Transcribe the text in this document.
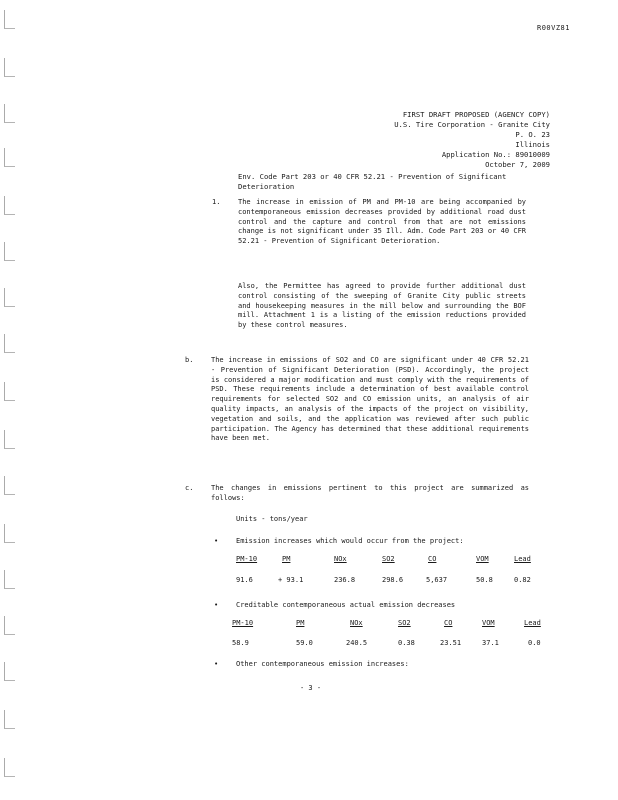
R00VZ81
FIRST DRAFT PROPOSED (AGENCY COPY)
U.S. Tire Corporation - Granite City
P. O. 23
Illinois
Application No.: 89010009
October 7, 2009
Env. Code Part 203 or 40 CFR 52.21 - Prevention of Significant Deterioration
1.	The increase in emission of PM and PM-10 are being accompanied by contemporaneous emission decreases provided by additional road dust control and the capture and control from that are not emissions change is not significant under 35 Ill. Adm. Code Part 203 or 40 CFR 52.21 - Prevention of Significant Deterioration.
Also, the Permittee has agreed to provide further additional dust control consisting of the sweeping of Granite City public streets and housekeeping measures in the mill below and surrounding the BOF mill. Attachment 1 is a listing of the emission reductions provided by these control measures.
b.	The increase in emissions of SO2 and CO are significant under 40 CFR 52.21 - Prevention of Significant Deterioration (PSD). Accordingly, the project is considered a major modification and must comply with the requirements of PSD. These requirements include a determination of best available control requirements for selected SO2 and CO emission units, an analysis of air quality impacts, an analysis of the impacts of the project on visibility, vegetation and soils, and the application was reviewed after such public participation. The Agency has determined that these additional requirements have been met.
c.	The changes in emissions pertinent to this project are summarized as follows:
Units - tons/year
•	Emission increases which would occur from the project:
PM-10	PM	NOx	SO2	CO	VOM	Lead
91.6	+ 93.1	236.8	298.6	5,637	50.8	0.82
•	Creditable contemporaneous actual emission decreases
PM-10	PM	NOx	SO2	CO	VOM	Lead
58.9	59.0	240.5	0.38	23.51	37.1	0.0
•	Other contemporaneous emission increases:
- 3 -
